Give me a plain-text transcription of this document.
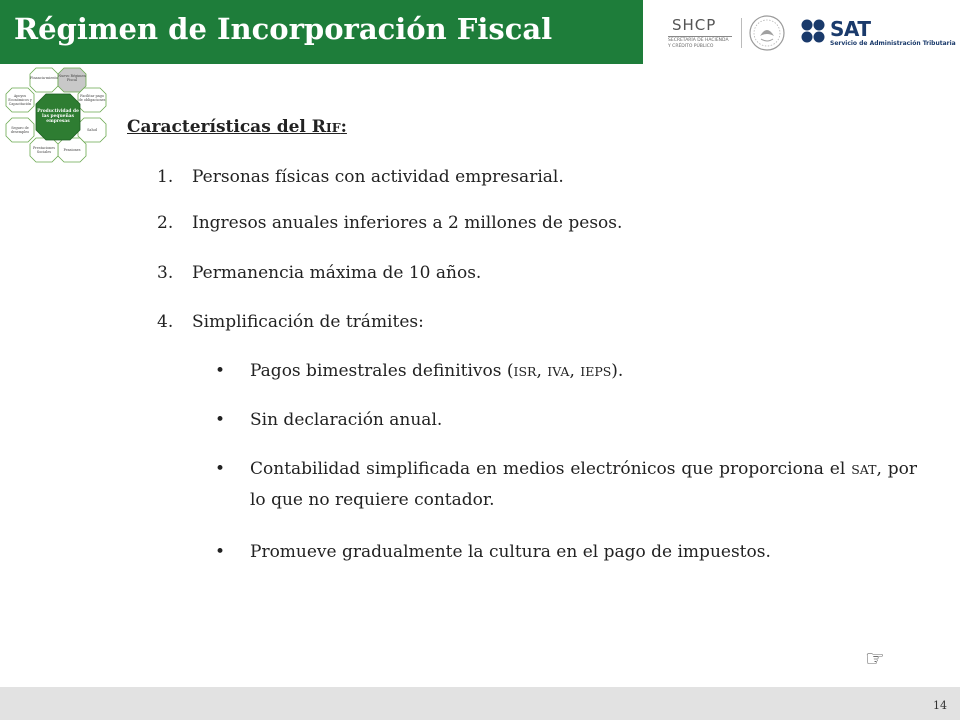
Régimen de Incorporación Fiscal	SHCP
SECRETARÍA DE HACIENDA
Y CRÉDITO PÚBLICO
SAT
Servicio de Administración Tributaria
Financia-miento Nuevo Régimen Fiscal
Facilitar pago de obligaciones
Salud
Pensiones
Prestaciones Sociales
Seguro de desempleo
Apoyos Económicos y Capacitación
Productividad de las pequeñas empresas	Características del RIF:
1. Personas físicas con actividad empresarial.
2. Ingresos anuales inferiores a 2 millones de pesos.
3. Permanencia máxima de 10 años.
4. Simplificación de trámites:
• Pagos bimestrales definitivos (ISR, IVA, IEPS).
• Sin declaración anual.
• Contabilidad simplificada en medios electrónicos que proporciona el SAT, por lo que no requiere contador.
• Promueve gradualmente la cultura en el pago de impuestos.
☞
14
